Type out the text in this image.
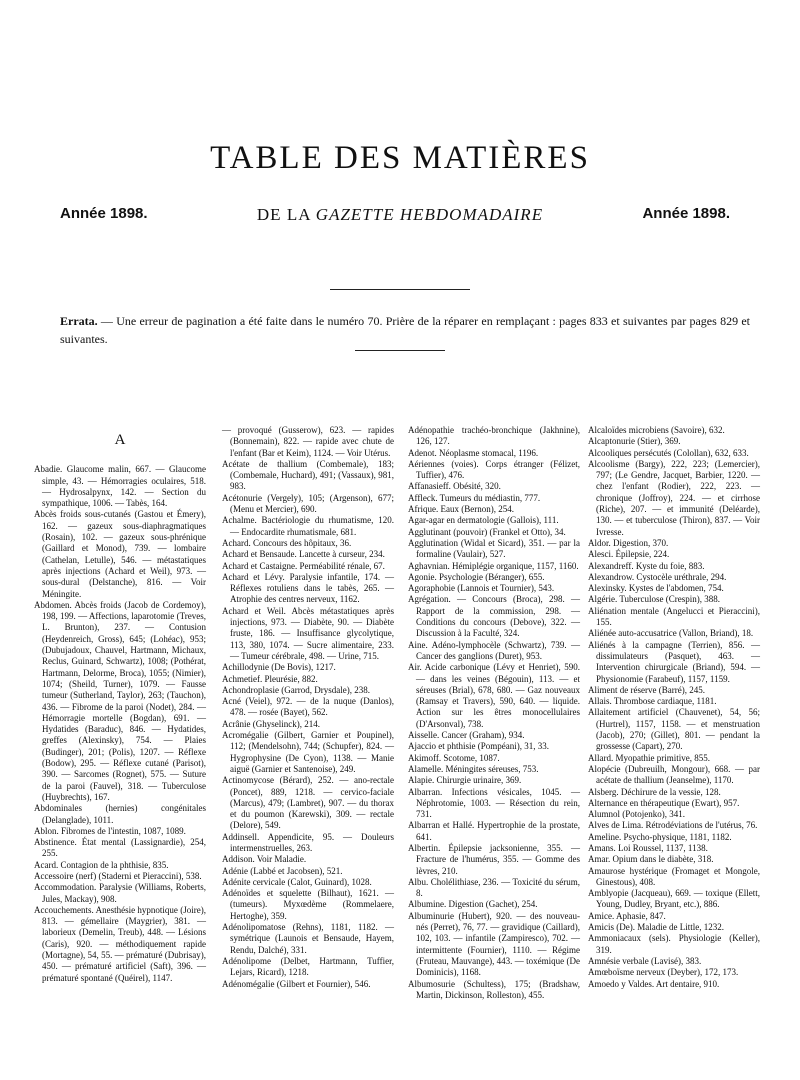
TABLE DES MATIÈRES
Année 1898.	DE LA GAZETTE HEBDOMADAIRE	Année 1898.
Errata. — Une erreur de pagination a été faite dans le numéro 70. Prière de la réparer en remplaçant : pages 833 et suivantes par pages 829 et suivantes.
A

Abadie. Glaucome malin, 667. — Glaucome simple, 43. — Hémorragies oculaires, 518. — Hydrosalpynx, 142. — Section du sympathique, 1006. — Tabès, 164.

Abcès froids sous-cutanés (Gastou et Émery), 162. — gazeux sous-diaphragmatiques (Rosain), 102. — gazeux sous-phrénique (Gaillard et Monod), 739. — lombaire (Cathelan, Letulle), 546. — métastatiques après injections (Achard et Weil), 973. — sous-dural (Delstanche), 816. — Voir Méningite.

Abdomen. Abcès froids (Jacob de Cordemoy), 198, 199. — Affections, laparotomie (Treves, L. Brunton), 237. — Contusion (Heydenreich, Gross), 645; (Lohéac), 953; (Dubujadoux, Chauvel, Hartmann, Michaux, Reclus, Guinard, Schwartz), 1008; (Pothérat, Hartmann, Delorme, Broca), 1055; (Nimier), 1074; (Sheild, Turner), 1079. — Fausse tumeur (Sutherland, Taylor), 263; (Tauchon), 436. — Fibrome de la paroi (Nodet), 284. — Hémorragie mortelle (Bogdan), 691. — Hydatides (Baraduc), 846. — Hydatides, greffes (Alexinsky), 754. — Plaies (Budinger), 201; (Polis), 1207. — Réflexe (Bodow), 295. — Réflexe cutané (Parisot), 390. — Sarcomes (Rognet), 575. — Suture de la paroi (Fauvel), 318. — Tuberculose (Huybrechts), 167.

Abdominales (hernies) congénitales (Delanglade), 1011.

Ablon. Fibromes de l'intestin, 1087, 1089.

Abstinence. État mental (Lassignardie), 254, 255.

Acard. Contagion de la phthisie, 835.

Accessoire (nerf) (Staderni et Pieraccini), 538.

Accommodation. Paralysie (Williams, Roberts, Jules, Mackay), 908.

Accouchements. Anesthésie hypnotique (Joire), 813. — gémellaire (Maygrier), 381. — laborieux (Demelin, Treub), 448. — Lésions (Caris), 920. — méthodiquement rapide (Mortagne), 54, 55. — prématuré (Dubrisay), 450. — prématuré artificiel (Saft), 396. — prématuré spontané (Quéirel), 1147.

— provoqué (Gusserow), 623. — rapides (Bonnemain), 822. — rapide avec chute de l'enfant (Bar et Keim), 1124. — Voir Utérus.

Acétate de thallium (Combemale), 183; (Combemale, Huchard), 491; (Vassaux), 981, 983.

Acétonurie (Vergely), 105; (Argenson), 677; (Menu et Mercier), 690.

Achalme. Bactériologie du rhumatisme, 120. — Endocardite rhumatismale, 681.

Achard. Concours des hôpitaux, 36.

Achard et Bensaude. Lancette à curseur, 234.

Achard et Castaigne. Perméabilité rénale, 67.

Achard et Lévy. Paralysie infantile, 174. — Réflexes rotuliens dans le tabès, 265. — Atrophie des centres nerveux, 1162.

Achard et Weil. Abcès métastatiques après injections, 973. — Diabète, 90. — Diabète fruste, 186. — Insuffisance glycolytique, 113, 380, 1074. — Sucre alimentaire, 233. — Tumeur cérébrale, 498. — Urine, 715.

Achillodynie (De Bovis), 1217.

Achmetief. Pleurésie, 882.

Achondroplasie (Garrod, Drysdale), 238.

Acné (Veiel), 972. — de la nuque (Danlos), 478. — rosée (Bayet), 562.

Acrânie (Ghyselinck), 214.

Acromégalie (Gilbert, Garnier et Poupinel), 112; (Mendelsohn), 744; (Schupfer), 824. — Hygrophysine (De Cyon), 1138. — Manie aiguë (Garnier et Santenoise), 249.

Actinomycose (Bérard), 252. — ano-rectale (Poncet), 889, 1218. — cervico-faciale (Marcus), 479; (Lambret), 907. — du thorax et du poumon (Karewski), 309. — rectale (Delore), 549.

Addinsell. Appendicite, 95. — Douleurs intermenstruelles, 263.

Addison. Voir Maladie.

Adénie (Labbé et Jacobsen), 521.

Adénite cervicale (Calot, Guinard), 1028.

Adénoïdes et squelette (Bilhaut), 1621. — (tumeurs). Myxœdème (Rommelaere, Hertoghe), 359.

Adénolipomatose (Rehns), 1181, 1182. — symétrique (Launois et Bensaude, Hayem, Rendu, Dalché), 331.

Adénolipome (Delbet, Hartmann, Tuffier, Lejars, Ricard), 1218.

Adénomégalie (Gilbert et Fournier), 546.

Adénopathie trachéo-bronchique (Jakhnine), 126, 127.

Adenot. Néoplasme stomacal, 1196.

Aériennes (voies). Corps étranger (Félizet, Tuffier), 476.

Affanasieff. Obésité, 320.

Affleck. Tumeurs du médiastin, 777.

Afrique. Eaux (Bernon), 254.

Agar-agar en dermatologie (Gallois), 111.

Agglutinant (pouvoir) (Frankel et Otto), 34.

Agglutination (Widal et Sicard), 351. — par la formaline (Vaulair), 527.

Aghavnian. Hémiplégie organique, 1157, 1160.

Agonie. Psychologie (Béranger), 655.

Agoraphobie (Lannois et Tournier), 543.

Agrégation. — Concours (Broca), 298. — Rapport de la commission, 298. — Conditions du concours (Debove), 322. — Discussion à la Faculté, 324.

Aine. Adéno-lymphocèle (Schwartz), 739. — Cancer des ganglions (Duret), 953.

Air. Acide carbonique (Lévy et Henriet), 590. — dans les veines (Bégouin), 113. — et séreuses (Brial), 678, 680. — Gaz nouveaux (Ramsay et Travers), 590, 640. — liquide. Action sur les êtres monocellulaires (D'Arsonval), 738.

Aisselle. Cancer (Graham), 934.

Ajaccio et phthisie (Pompéani), 31, 33.

Akimoff. Scotome, 1087.

Alamelle. Méningites séreuses, 753.

Alapie. Chirurgie urinaire, 369.

Albarran. Infections vésicales, 1045. — Néphrotomie, 1003. — Résection du rein, 731.

Albarran et Hallé. Hypertrophie de la prostate, 641.

Albertin. Épilepsie jacksonienne, 355. — Fracture de l'humérus, 355. — Gomme des lèvres, 210.

Albu. Cholélithiase, 236. — Toxicité du sérum, 8.

Albumine. Digestion (Gachet), 254.

Albuminurie (Hubert), 920. — des nouveau-nés (Perret), 76, 77. — gravidique (Caillard), 102, 103. — infantile (Zampiresco), 702. — intermittente (Fournier), 1110. — Régime (Fruteau, Mauvange), 443. — toxémique (De Dominicis), 1168.

Albumosurie (Schultess), 175; (Bradshaw, Martin, Dickinson, Rolleston), 455.

Alcaloïdes microbiens (Savoire), 632.

Alcaptonurie (Stier), 369.

Alcooliques persécutés (Colollan), 632, 633.

Alcoolisme (Bargy), 222, 223; (Lemercier), 797; (Le Gendre, Jacquet, Barbier, 1220. — chez l'enfant (Rodier), 222, 223. — chronique (Joffroy), 224. — et cirrhose (Riche), 207. — et immunité (Deléarde), 130. — et tuberculose (Thiron), 837. — Voir Ivresse.

Aldor. Digestion, 370.

Alesci. Épilepsie, 224.

Alexandreff. Kyste du foie, 883.

Alexandrow. Cystocèle uréthrale, 294.

Alexinsky. Kystes de l'abdomen, 754.

Algérie. Tuberculose (Crespin), 388.

Aliénation mentale (Angelucci et Pieraccini), 155.

Aliénée auto-accusatrice (Vallon, Briand), 18.

Aliénés à la campagne (Terrien), 856. — dissimulateurs (Pasquet), 463. — Intervention chirurgicale (Briand), 594. — Physionomie (Farabeuf), 1157, 1159.

Aliment de réserve (Barré), 245.

Allais. Thrombose cardiaque, 1181.

Allaitement artificiel (Chauvenet), 54, 56; (Hurtrel), 1157, 1158. — et menstruation (Jacob), 270; (Gillet), 801. — pendant la grossesse (Capart), 270.

Allard. Myopathie primitive, 855.

Alopécie (Dubreuilh, Mongour), 668. — par acétate de thallium (Jeanselme), 1170.

Alsberg. Déchirure de la vessie, 128.

Alternance en thérapeutique (Ewart), 957.

Alumnol (Potojenko), 341.

Alves de Lima. Rétrodéviations de l'utérus, 76.

Ameline. Psycho-physique, 1181, 1182.

Amans. Loi Roussel, 1137, 1138.

Amar. Opium dans le diabète, 318.

Amaurose hystérique (Fromaget et Mongole, Ginestous), 408.

Amblyopie (Jacqueau), 669. — toxique (Ellett, Young, Dudley, Bryant, etc.), 886.

Amice. Aphasie, 847.

Amicis (De). Maladie de Little, 1232.

Ammoniacaux (sels). Physiologie (Keller), 319.

Amnésie verbale (Lavisé), 383.

Amœboïsme nerveux (Deyber), 172, 173.

Amoedo y Valdes. Art dentaire, 910.
